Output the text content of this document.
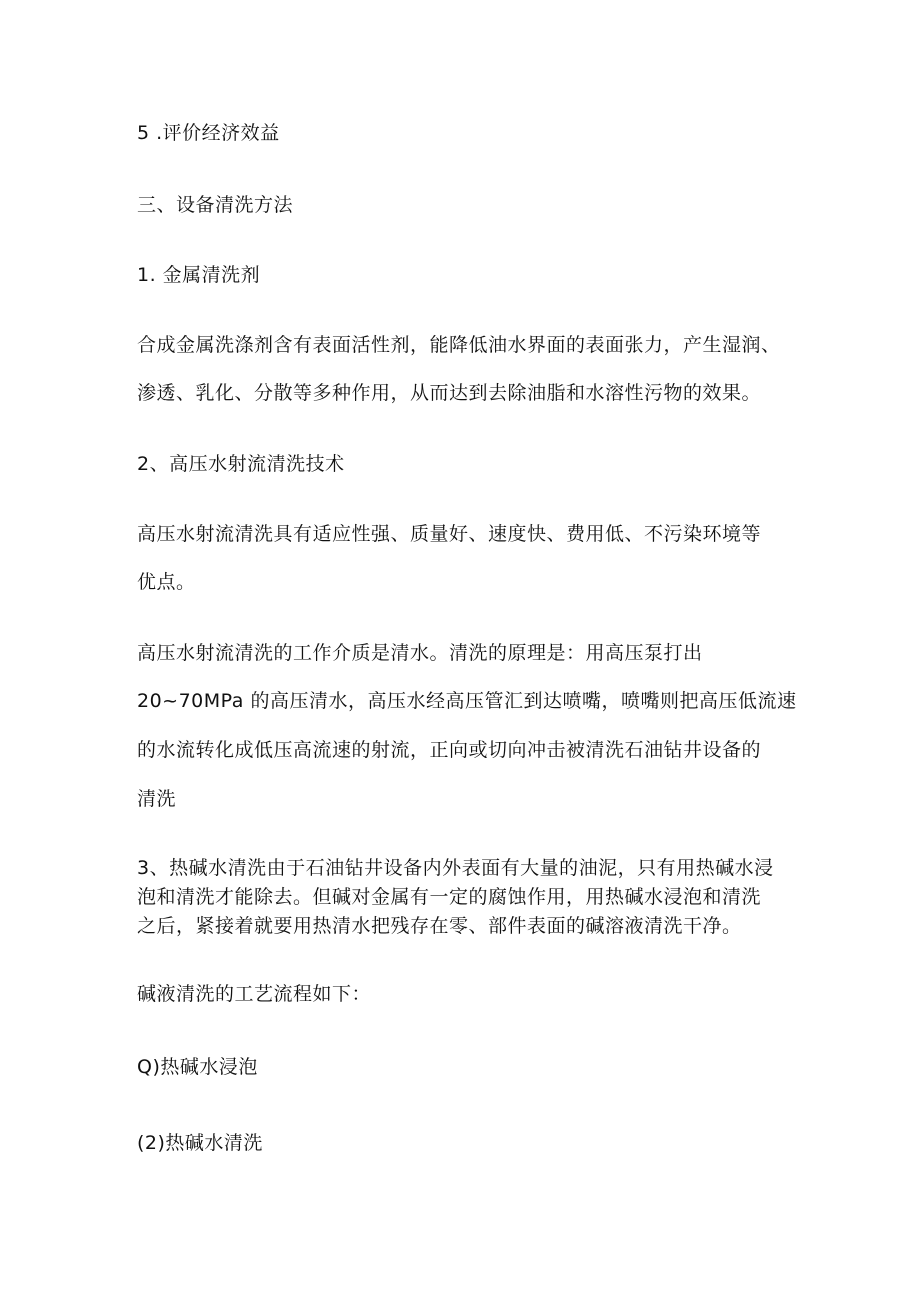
5 .评价经济效益
三、设备清洗方法
1. 金属清洗剂
合成金属洗涤剂含有表面活性剂，能降低油水界面的表面张力，产生湿润、
渗透、乳化、分散等多种作用，从而达到去除油脂和水溶性污物的效果。
2、高压水射流清洗技术
高压水射流清洗具有适应性强、质量好、速度快、费用低、不污染环境等
优点。
高压水射流清洗的工作介质是清水。清洗的原理是：用高压泵打出
20~70MPa 的高压清水，高压水经高压管汇到达喷嘴，喷嘴则把高压低流速
的水流转化成低压高流速的射流，正向或切向冲击被清洗石油钻井设备的
清洗
3、热碱水清洗由于石油钻井设备内外表面有大量的油泥，只有用热碱水浸
泡和清洗才能除去。但碱对金属有一定的腐蚀作用，用热碱水浸泡和清洗
之后，紧接着就要用热清水把残存在零、部件表面的碱溶液清洗干净。
碱液清洗的工艺流程如下：
Q)热碱水浸泡
(2)热碱水清洗
